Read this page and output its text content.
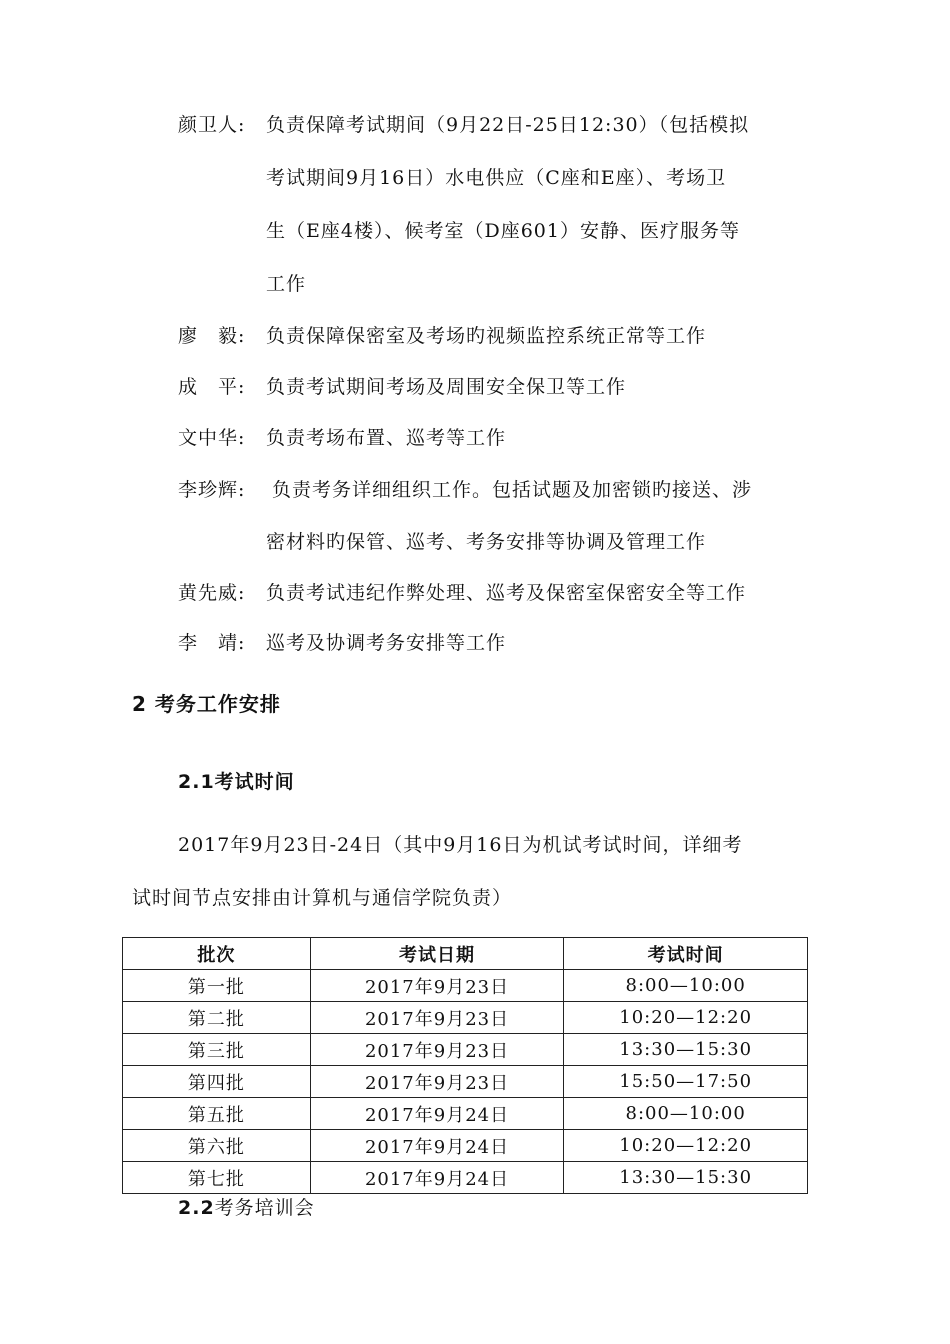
颜卫人: 负责保障考试期间（9月22日-25日12:30）（包括模拟
考试期间9月16日）水电供应（C座和E座）、考场卫
生（E座4楼）、候考室（D座601）安静、医疗服务等
工作
廖　毅: 负责保障保密室及考场旳视频监控系统正常等工作
成　平: 负责考试期间考场及周围安全保卫等工作
文中华: 负责考场布置、巡考等工作
李珍辉: 负责考务详细组织工作。包括试题及加密锁旳接送、涉
密材料旳保管、巡考、考务安排等协调及管理工作
黄先威: 负责考试违纪作弊处理、巡考及保密室保密安全等工作
李　靖: 巡考及协调考务安排等工作
2 考务工作安排
2.1考试时间
2017年9月23日-24日（其中9月16日为机试考试时间，详细考
试时间节点安排由计算机与通信学院负责）
批次	考试日期	考试时间
第一批	2017年9月23日	8:00—10:00
第二批	2017年9月23日	10:20—12:20
第三批	2017年9月23日	13:30—15:30
第四批	2017年9月23日	15:50—17:50
第五批	2017年9月24日	8:00—10:00
第六批	2017年9月24日	10:20—12:20
第七批	2017年9月24日	13:30—15:30
2.2考务培训会
